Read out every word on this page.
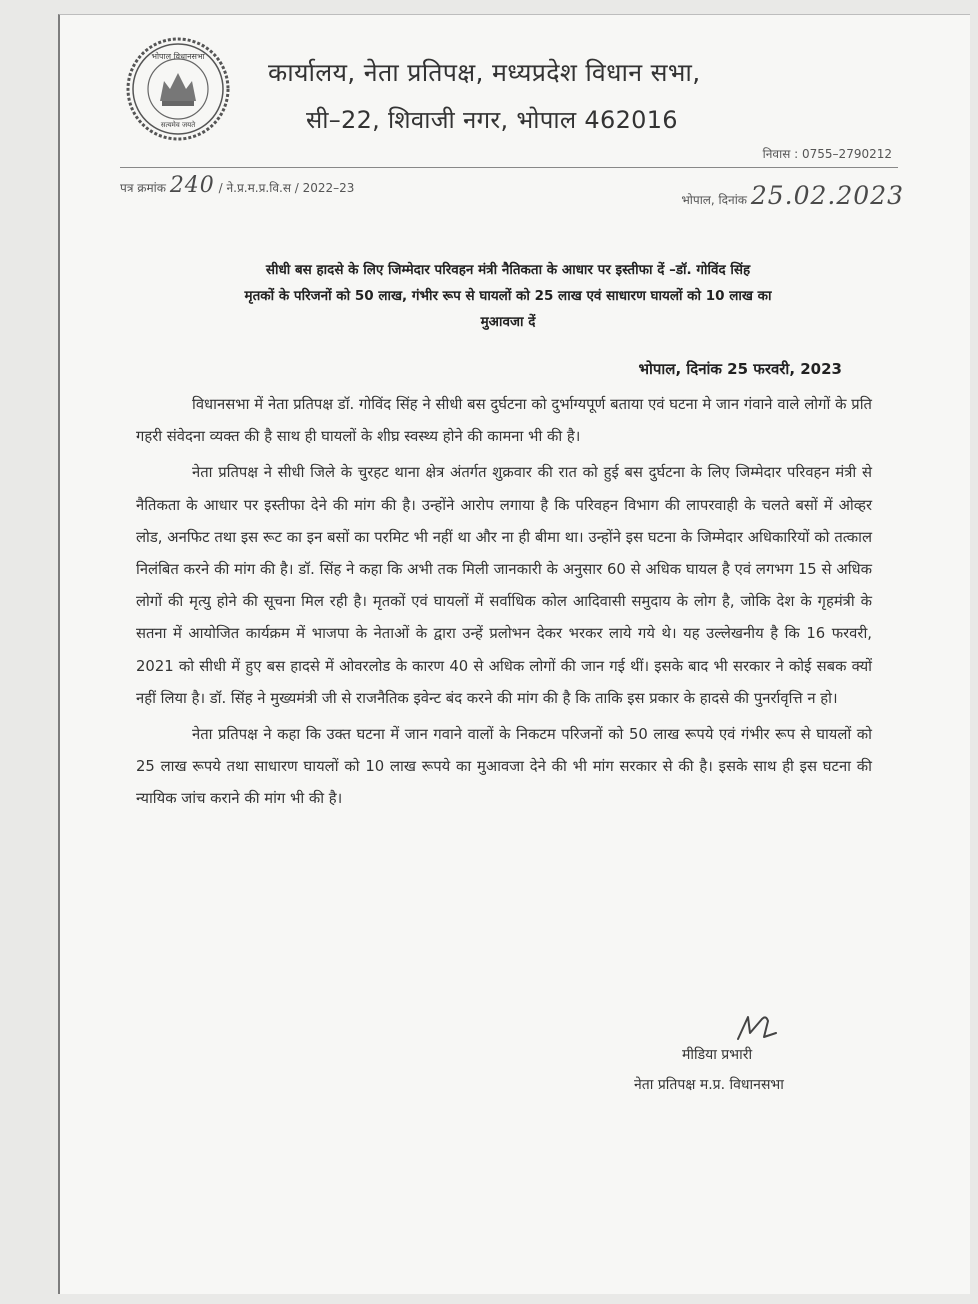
भोपाल विधानसभा
सत्यमेव जयते
कार्यालय, नेता प्रतिपक्ष, मध्यप्रदेश विधान सभा,
सी–22, शिवाजी नगर, भोपाल 462016
निवास : 0755–2790212
पत्र क्रमांक 240 / ने.प्र.म.प्र.वि.स / 2022–23
भोपाल, दिनांक 25.02.2023
सीधी बस हादसे के लिए जिम्मेदार परिवहन मंत्री नैतिकता के आधार पर इस्तीफा दें –डॉ. गोविंद सिंह
मृतकों के परिजनों को 50 लाख, गंभीर रूप से घायलों को 25 लाख एवं साधारण घायलों को 10 लाख का
मुआवजा दें
भोपाल, दिनांक 25 फरवरी, 2023

विधानसभा में नेता प्रतिपक्ष डॉ. गोविंद सिंह ने सीधी बस दुर्घटना को दुर्भाग्यपूर्ण बताया एवं घटना मे जान गंवाने वाले लोगों के प्रति गहरी संवेदना व्यक्त की है साथ ही घायलों के शीघ्र स्वस्थ्य होने की कामना भी की है।

नेता प्रतिपक्ष ने सीधी जिले के चुरहट थाना क्षेत्र अंतर्गत शुक्रवार की रात को हुई बस दुर्घटना के लिए जिम्मेदार परिवहन मंत्री से नैतिकता के आधार पर इस्तीफा देने की मांग की है। उन्होंने आरोप लगाया है कि परिवहन विभाग की लापरवाही के चलते बसों में ओव्हर लोड, अनफिट तथा इस रूट का इन बसों का परमिट भी नहीं था और ना ही बीमा था। उन्होंने इस घटना के जिम्मेदार अधिकारियों को तत्काल निलंबित करने की मांग की है। डॉ. सिंह ने कहा कि अभी तक मिली जानकारी के अनुसार 60 से अधिक घायल है एवं लगभग 15 से अधिक लोगों की मृत्यु होने की सूचना मिल रही है। मृतकों एवं घायलों में सर्वाधिक कोल आदिवासी समुदाय के लोग है, जोकि देश के गृहमंत्री के सतना में आयोजित कार्यक्रम में भाजपा के नेताओं के द्वारा उन्हें प्रलोभन देकर भरकर लाये गये थे। यह उल्लेखनीय है कि 16 फरवरी, 2021 को सीधी में हुए बस हादसे में ओवरलोड के कारण 40 से अधिक लोगों की जान गई थीं। इसके बाद भी सरकार ने कोई सबक क्यों नहीं लिया है। डॉ. सिंह ने मुख्यमंत्री जी से राजनैतिक इवेन्ट बंद करने की मांग की है कि ताकि इस प्रकार के हादसे की पुनर्रावृत्ति न हो।

नेता प्रतिपक्ष ने कहा कि उक्त घटना में जान गवाने वालों के निकटम परिजनों को 50 लाख रूपये एवं गंभीर रूप से घायलों को 25 लाख रूपये तथा साधारण घायलों को 10 लाख रूपये का मुआवजा देने की भी मांग सरकार से की है। इसके साथ ही इस घटना की न्यायिक जांच कराने की मांग भी की है।

मीडिया प्रभारी
नेता प्रतिपक्ष म.प्र. विधानसभा
